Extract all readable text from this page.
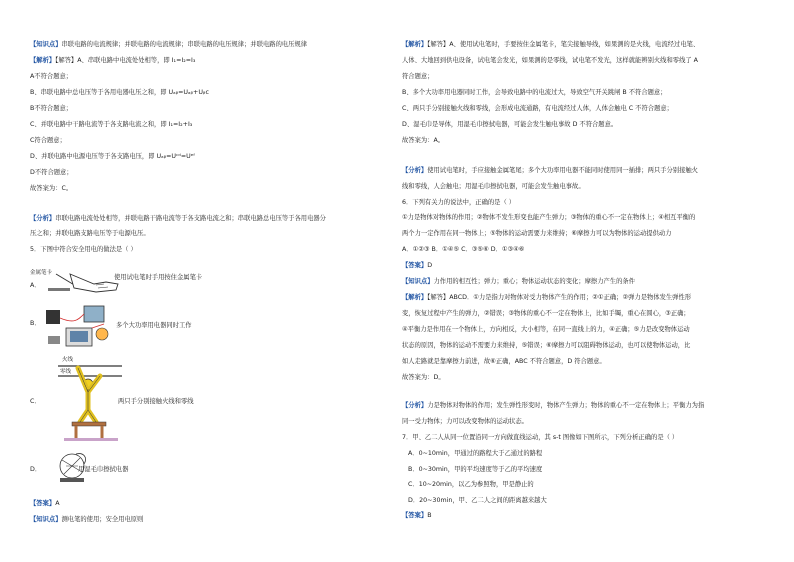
【知识点】串联电路的电流规律；并联电路的电流规律；串联电路的电压规律；并联电路的电压规律
【解析】【解答】A、串联电路中电流处处相等，即 I₁=I₂=I₃
A不符合题意；
B、串联电路中总电压等于各用电器电压之和，即 Uₐᵦ=Uₐᵦ+Uᵦc
B不符合题意；
C、并联电路中干路电流等于各支路电流之和，即 I₁=I₂+I₃
C符合题意；
D、并联电路中电源电压等于各支路电压，即 Uₐᵦ=Uᶜᵈ=Uᵉᶠ
D不符合题意；
故答案为：C。
【分析】串联电路电流处处相等，并联电路干路电流等于各支路电流之和；串联电路总电压等于各用电器分
压之和；并联电路支路电压等于电源电压。
5．下图中符合安全用电的做法是（ ）
金属笔卡
A．
使用试电笔时手用按住金属笔卡
B．	多个大功率用电器同时工作
火线
零线
C．	两只手分别接触火线和零线
D．	用湿毛巾擦拭电器
【答案】A
【知识点】测电笔的使用；安全用电原则
【解析】【解答】A、使用试电笔时，手要按住金属笔卡，笔尖接触导线，如果测的是火线，电流经过电笔、
人体、大地回到供电设备，试电笔会发光，如果测的是零线，试电笔不发光，这样就能辨别火线和零线了 A
符合题意；
B、多个大功率用电器同时工作，会导致电路中的电流过大，导致空气开关跳闸 B 不符合题意；
C、两只手分别接触火线和零线，会形成电流通路，有电流经过人体，人体会触电 C 不符合题意；
D、湿毛巾是导体，用湿毛巾擦拭电器，可能会发生触电事故 D 不符合题意。
故答案为：A。
【分析】使用试电笔时，手应接触金属笔尾；多个大功率用电器不能同时使用同一插排；两只手分别接触火
线和零线，人会触电；用湿毛巾擦拭电器，可能会发生触电事故。
6．下列有关力的说法中，正确的是（ ）
①力是物体对物体的作用；②物体不发生形变也能产生弹力；③物体的重心不一定在物体上；④相互平衡的
两个力一定作用在同一物体上；⑤物体的运动需要力来维持；⑥摩擦力可以为物体的运动提供动力
A．①②③ B．①④⑤ C．③⑤⑥ D．①③④⑥
【答案】D
【知识点】力作用的相互性；弹力；重心；物体运动状态的变化；摩擦力产生的条件
【解析】【解答】ABCD．①力是指力对物体对受力物体产生的作用；②①正确；②弹力是物体发生弹性形
变，恢复过程中产生的弹力，②错误；③物体的重心不一定在物体上，比如手镯，重心在圆心，③正确；
④平衡力是作用在一个物体上，方向相反，大小相等，在同一直线上的力，④正确；⑤力是改变物体运动
状态的原因，物体的运动不需要力来维持，⑤错误；⑥摩擦力可以阻碍物体运动，也可以使物体运动，比
如人走路就是靠摩擦力前进，故⑥正确，ABC 不符合题意，D 符合题意。
故答案为：D。
【分析】力是物体对物体的作用；发生弹性形变时，物体产生弹力；物体的重心不一定在物体上；平衡力为指
同一受力物体；力可以改变物体的运动状态。
7．甲、乙二人从同一位置沿同一方向做直线运动，其 s-t 图像如下图所示，下列分析正确的是（ ）
A．0~10min，甲通过的路程大于乙通过的路程
B．0~30min，甲的平均速度等于乙的平均速度
C．10~20min，以乙为参照物，甲是静止的
D．20~30min，甲、乙二人之间的距离越来越大
【答案】B
